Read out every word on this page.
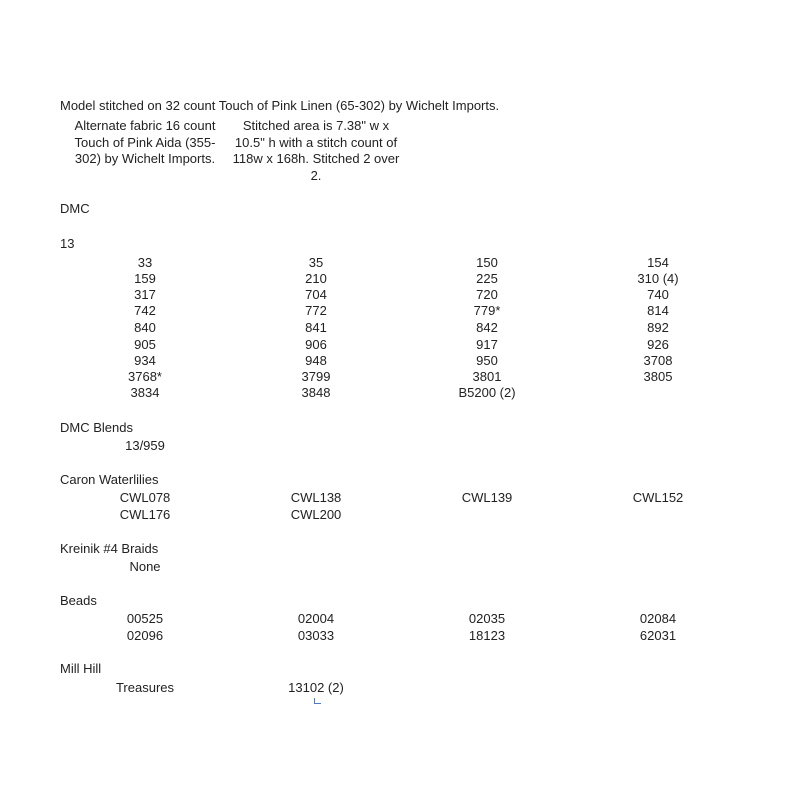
Model stitched on 32 count Touch of Pink Linen (65-302) by Wichelt Imports.
Alternate fabric 16 count Touch of Pink Aida (355-302) by Wichelt Imports.
Stitched area is 7.38" w x 10.5" h with a stitch count of 118w x 168h. Stitched 2 over 2.
DMC
13
33	35	150	154
159	210	225	310 (4)
317	704	720	740
742	772	779*	814
840	841	842	892
905	906	917	926
934	948	950	3708
3768*	3799	3801	3805
3834	3848	B5200 (2)
DMC Blends
13/959
Caron Waterlilies
CWL078	CWL138	CWL139	CWL152
CWL176	CWL200
Kreinik #4 Braids
None
Beads
00525	02004	02035	02084
02096	03033	18123	62031
Mill Hill
Treasures	13102 (2)
